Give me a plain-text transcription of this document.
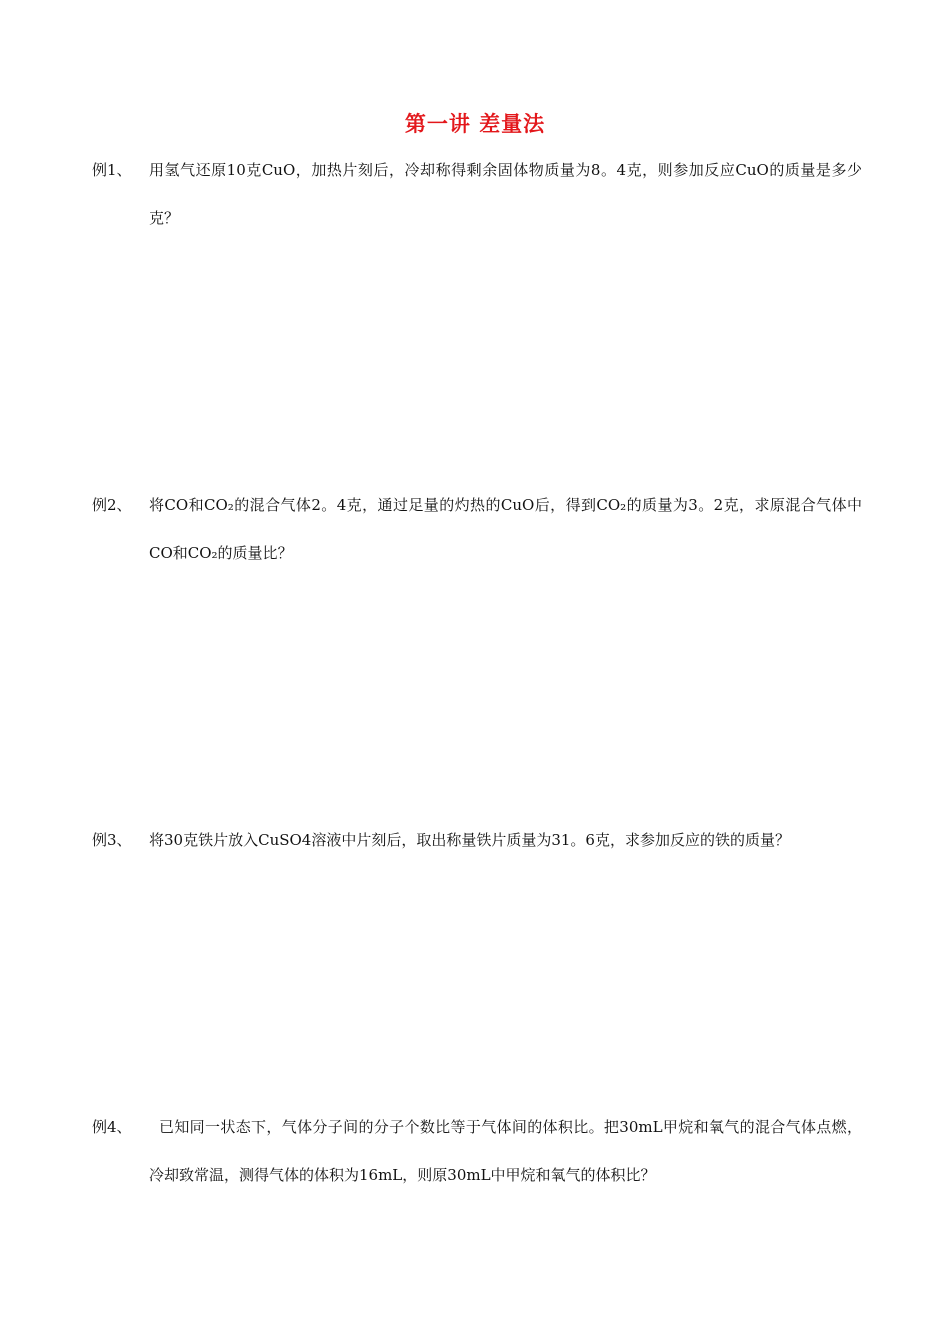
第一讲 差量法
例1、	用氢气还原10克CuO，加热片刻后，冷却称得剩余固体物质量为8。4克，则参加反应CuO的质量是多少克？
例2、	将CO和CO₂的混合气体2。4克，通过足量的灼热的CuO后，得到CO₂的质量为3。2克，求原混合气体中CO和CO₂的质量比？
例3、	将30克铁片放入CuSO4溶液中片刻后，取出称量铁片质量为31。6克，求参加反应的铁的质量？
例4、	已知同一状态下，气体分子间的分子个数比等于气体间的体积比。把30mL甲烷和氧气的混合气体点燃，冷却致常温，测得气体的体积为16mL，则原30mL中甲烷和氧气的体积比？
